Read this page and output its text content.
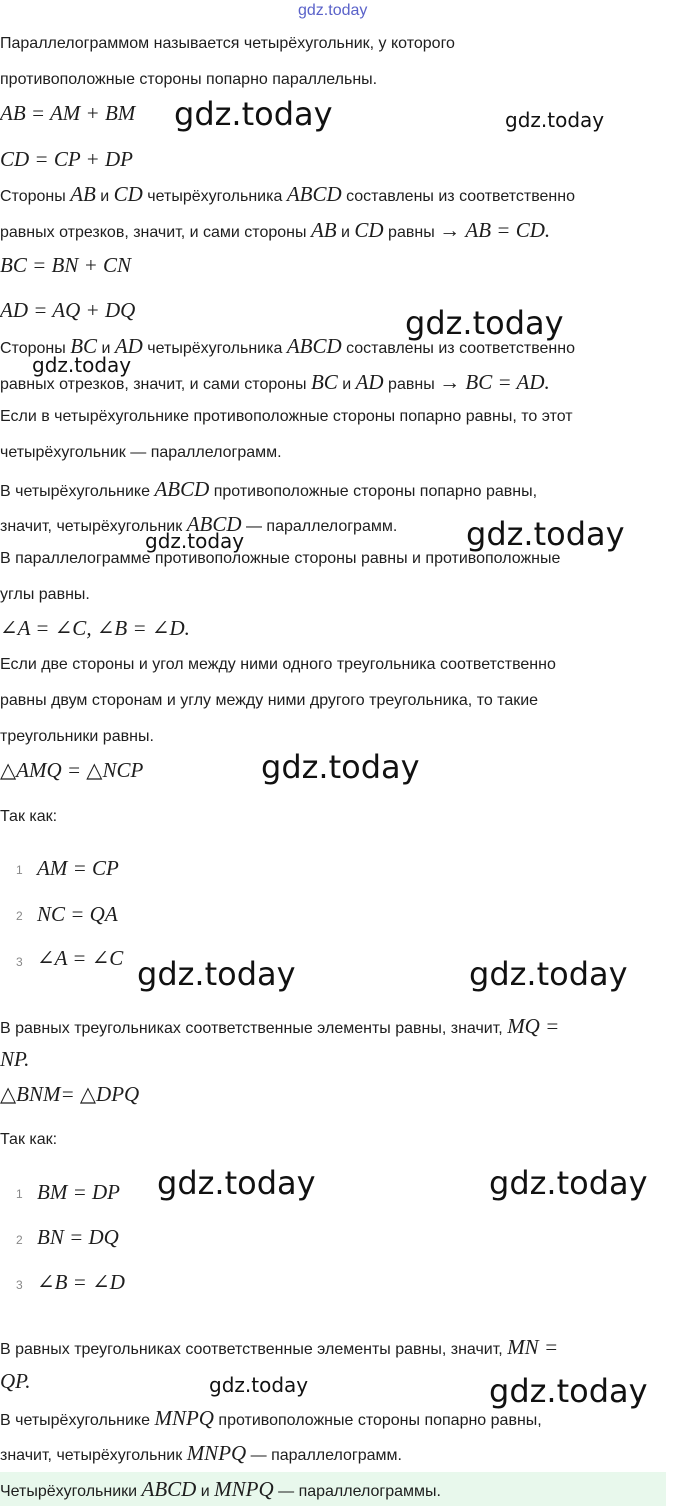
gdz.today
Параллелограммом называется четырёхугольник, у которого
противоположные стороны попарно параллельны.
AB = AM + BM
CD = CP + DP
Стороны AB и CD четырёхугольника ABCD составлены из соответственно
равных отрезков, значит, и сами стороны AB и CD равны → AB = CD.
BC = BN + CN
AD = AQ + DQ
Стороны BC и AD четырёхугольника ABCD составлены из соответственно
равных отрезков, значит, и сами стороны BC и AD равны → BC = AD.
Если в четырёхугольнике противоположные стороны попарно равны, то этот
четырёхугольник — параллелограмм.
В четырёхугольнике ABCD противоположные стороны попарно равны,
значит, четырёхугольник ABCD — параллелограмм.
В параллелограмме противоположные стороны равны и противоположные
углы равны.
∠A = ∠C, ∠B = ∠D.
Если две стороны и угол между ними одного треугольника соответственно
равны двум сторонам и углу между ними другого треугольника, то такие
треугольники равны.
△AMQ = △NCP
Так как:
1 AM = CP
2 NC = QA
3 ∠A = ∠C
В равных треугольниках соответственные элементы равны, значит, MQ =
NP.
△BNM= △DPQ
Так как:
1 BM = DP
2 BN = DQ
3 ∠B = ∠D
В равных треугольниках соответственные элементы равны, значит, MN =
QP.
В четырёхугольнике MNPQ противоположные стороны попарно равны,
значит, четырёхугольник MNPQ — параллелограмм.
Четырёхугольники ABCD и MNPQ — параллелограммы.
gdz.today	gdz.today
gdz.today
gdz.today
gdz.today
gdz.today
gdz.today
gdz.today	gdz.today
gdz.today	gdz.today
gdz.today	gdz.today
